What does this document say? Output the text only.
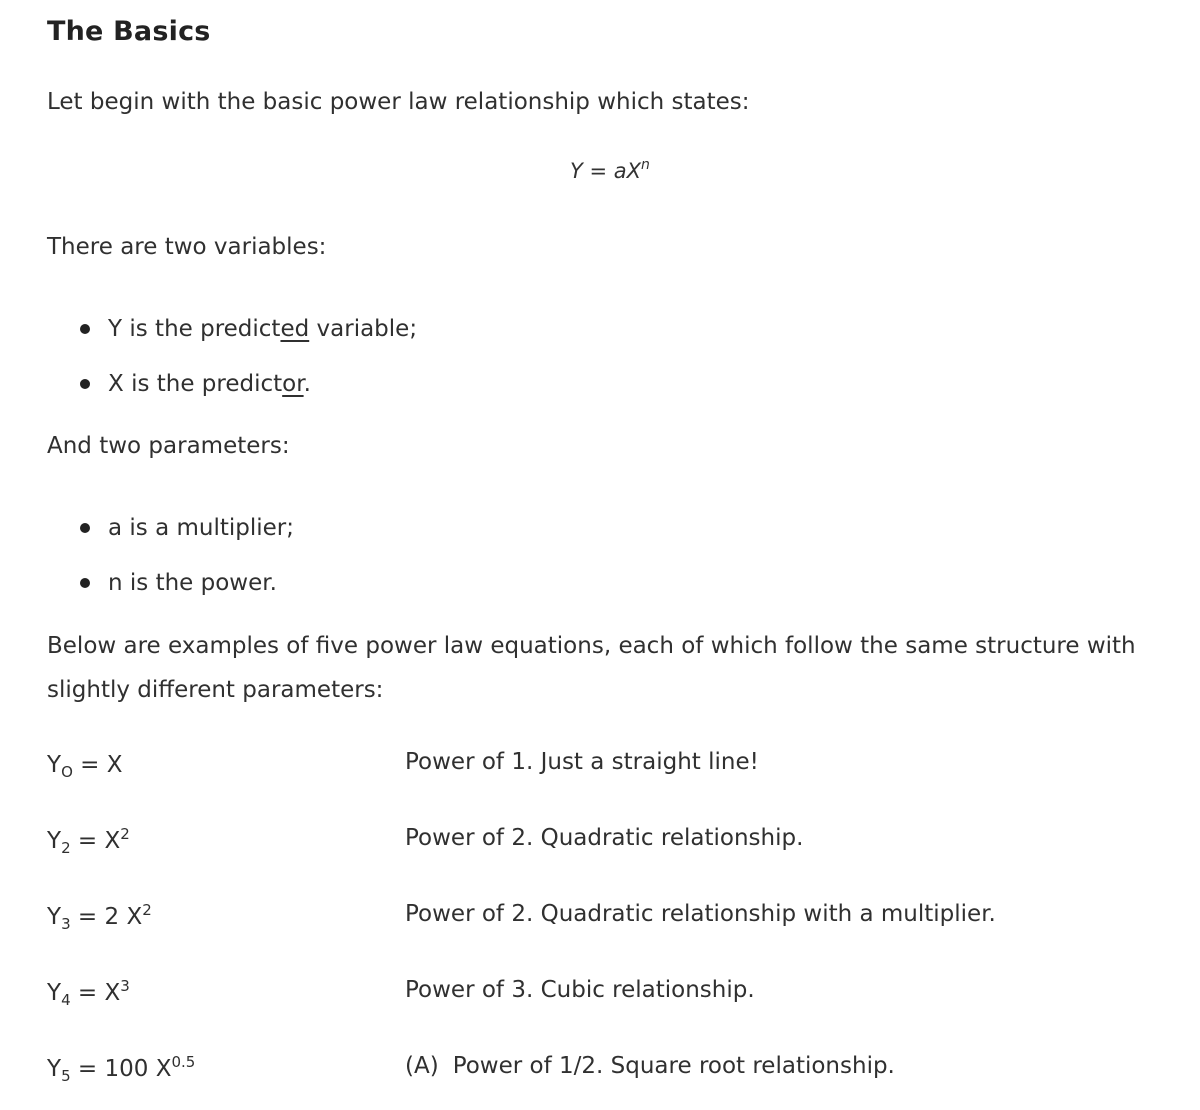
The Basics

Let begin with the basic power law relationship which states:

$Y = aX^n$

There are two variables:

Y is the predicted variable;
X is the predictor.

And two parameters:

a is a multiplier;
n is the power.

Below are examples of five power law equations, each of which follow the same structure with slightly different parameters:

$Y_O = X$	Power of 1. Just a straight line!
$Y_2 = X^2$	Power of 2. Quadratic relationship.
$Y_3 = 2$ $X^2$	Power of 2. Quadratic relationship with a multiplier.
$Y_4 = X^3$	Power of 3. Cubic relationship.
$Y_5 = 100$ $X^{0.5}$	(A) Power of 1/2. Square root relationship.
